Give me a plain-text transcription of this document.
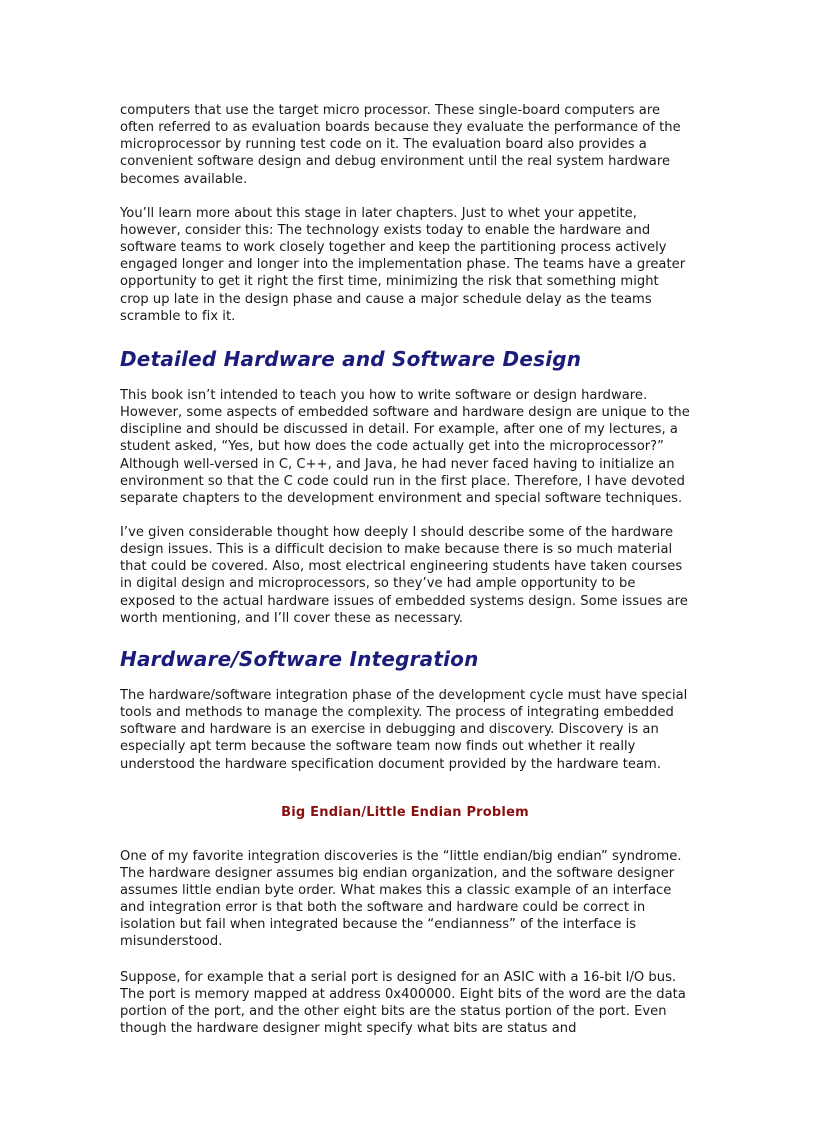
computers that use the target micro processor. These single-board computers are often referred to as evaluation boards because they evaluate the performance of the microprocessor by running test code on it. The evaluation board also provides a convenient software design and debug environment until the real system hardware becomes available.

You’ll learn more about this stage in later chapters. Just to whet your appetite, however, consider this: The technology exists today to enable the hardware and software teams to work closely together and keep the partitioning process actively engaged longer and longer into the implementation phase. The teams have a greater opportunity to get it right the first time, minimizing the risk that something might crop up late in the design phase and cause a major schedule delay as the teams scramble to fix it.

Detailed Hardware and Software Design

This book isn’t intended to teach you how to write software or design hardware. However, some aspects of embedded software and hardware design are unique to the discipline and should be discussed in detail. For example, after one of my lectures, a student asked, “Yes, but how does the code actually get into the microprocessor?” Although well-versed in C, C++, and Java, he had never faced having to initialize an environment so that the C code could run in the first place. Therefore, I have devoted separate chapters to the development environment and special software techniques.

I’ve given considerable thought how deeply I should describe some of the hardware design issues. This is a difficult decision to make because there is so much material that could be covered. Also, most electrical engineering students have taken courses in digital design and microprocessors, so they’ve had ample opportunity to be exposed to the actual hardware issues of embedded systems design. Some issues are worth mentioning, and I’ll cover these as necessary.

Hardware/Software Integration

The hardware/software integration phase of the development cycle must have special tools and methods to manage the complexity. The process of integrating embedded software and hardware is an exercise in debugging and discovery. Discovery is an especially apt term because the software team now finds out whether it really understood the hardware specification document provided by the hardware team.

Big Endian/Little Endian Problem

One of my favorite integration discoveries is the “little endian/big endian” syndrome. The hardware designer assumes big endian organization, and the software designer assumes little endian byte order. What makes this a classic example of an interface and integration error is that both the software and hardware could be correct in isolation but fail when integrated because the “endianness” of the interface is misunderstood.

Suppose, for example that a serial port is designed for an ASIC with a 16-bit I/O bus. The port is memory mapped at address 0x400000. Eight bits of the word are the data portion of the port, and the other eight bits are the status portion of the port. Even though the hardware designer might specify what bits are status and
